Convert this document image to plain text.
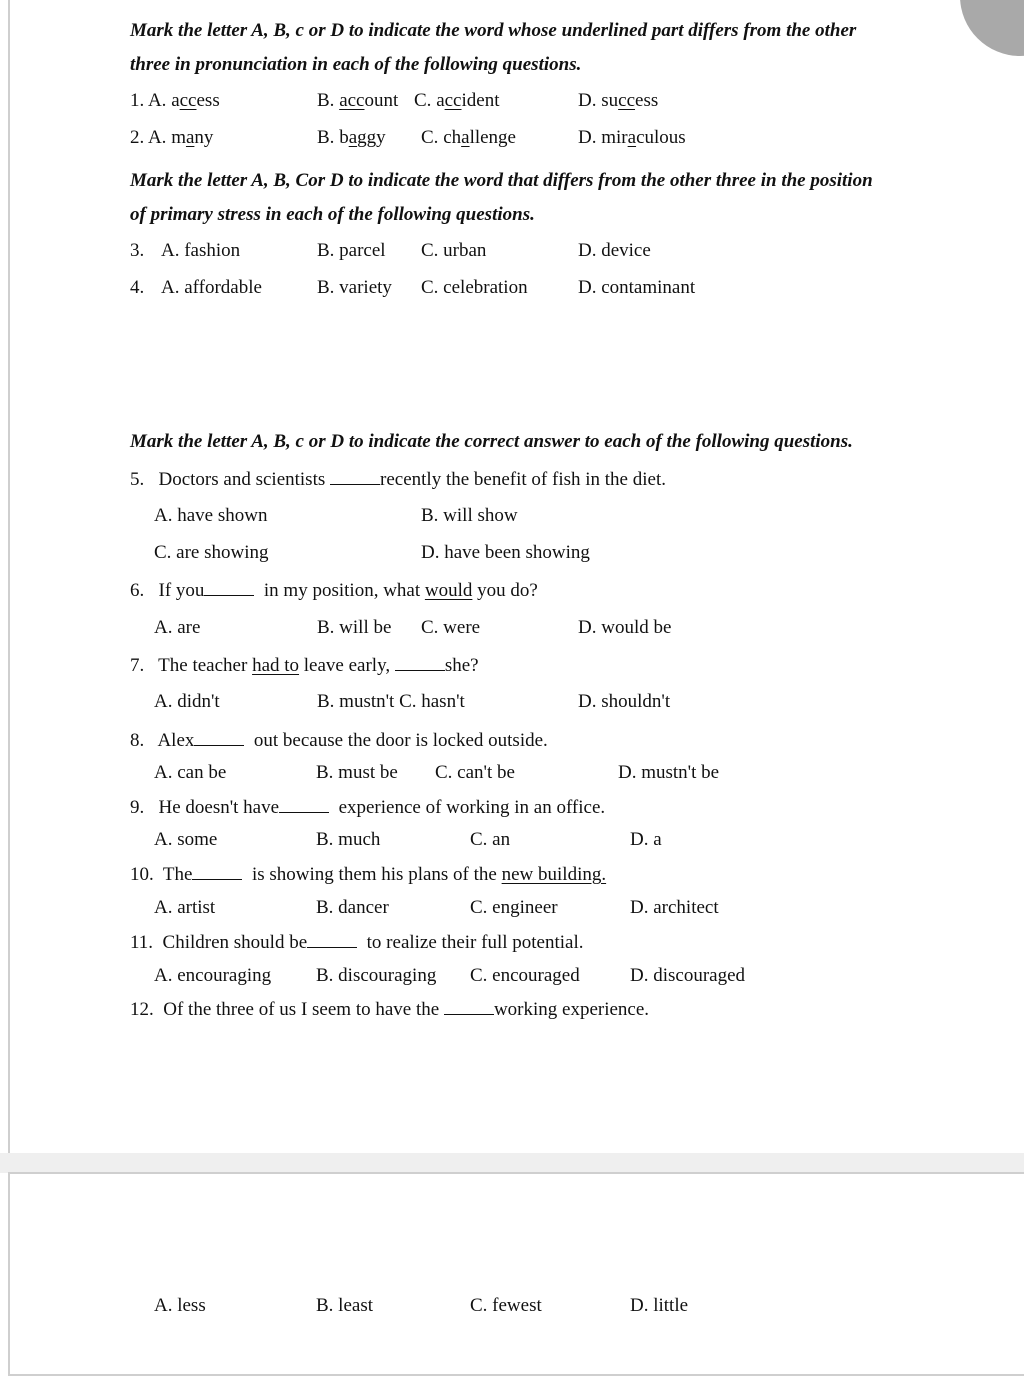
Mark the letter A, B, c or D to indicate the word whose underlined part differs from the other
three in pronunciation in each of the following questions.
1. A. access	B. account C. accident	D. success
2. A. many	B. baggy C. challenge	D. miraculous
Mark the letter A, B, Cor D to indicate the word that differs from the other three in the position
of primary stress in each of the following questions.
3. A. fashion	B. parcel C. urban	D. device
4. A. affordable	B. variety C. celebration	D. contaminant
Mark the letter A, B, c or D to indicate the correct answer to each of the following questions.
5. Doctors and scientists	recently the benefit of fish in the diet.
A. have shown	B. will show
C. are showing	D. have been showing
6. If you	in my position, what would you do?
A. are	B. will be C. were	D. would be
7. The teacher had to leave early,	she?
A. didn't	B. mustn't C. hasn't	D. shouldn't
8. Alex	out because the door is locked outside.
A. can be	B. must be C. can't be	D. mustn't be
9. He doesn't have	experience of working in an office.
A. some	B. much	C. an	D. a
10. The	is showing them his plans of the new building.
A. artist	B. dancer	C. engineer	D. architect
11. Children should be	to realize their full potential.
A. encouraging B. discouraging C. encouraged	D. discouraged
12. Of the three of us I seem to have the	working experience.
A. less	B. least	C. fewest	D. little
